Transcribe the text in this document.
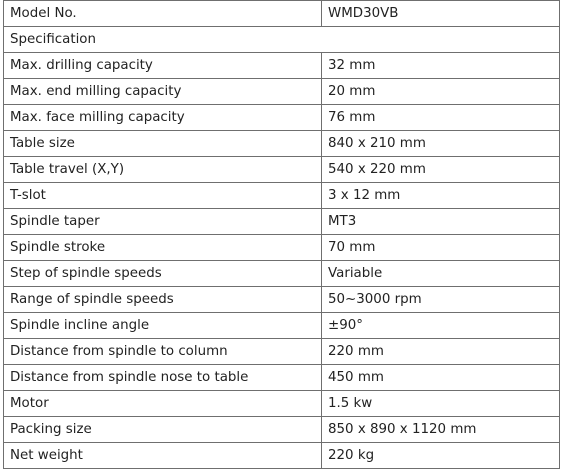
Model No.	WMD30VB
Specification	
Max. drilling capacity	32 mm
Max. end milling capacity	20 mm
Max. face milling capacity	76 mm
Table size	840 x 210 mm
Table travel (X,Y)	540 x 220 mm
T-slot	3 x 12 mm
Spindle taper	MT3
Spindle stroke	70 mm
Step of spindle speeds	Variable
Range of spindle speeds	50~3000 rpm
Spindle incline angle	±90°
Distance from spindle to column	220 mm
Distance from spindle nose to table	450 mm
Motor	1.5 kw
Packing size	850 x 890 x 1120 mm
Net weight	220 kg
